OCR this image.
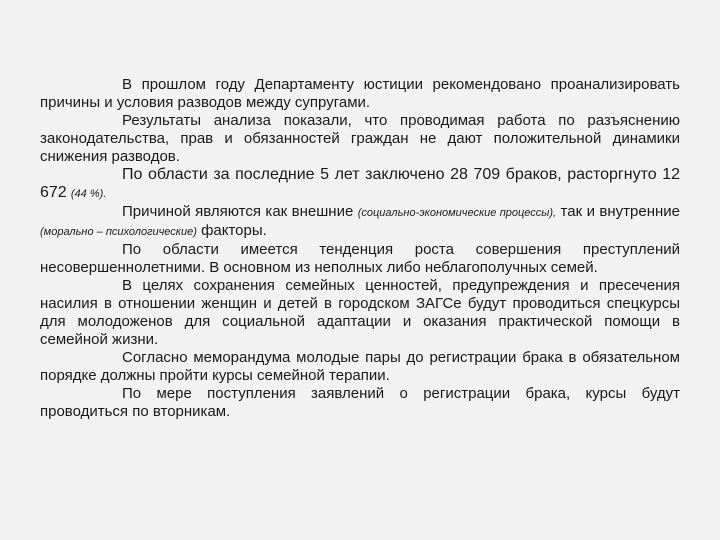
В прошлом году Департаменту юстиции рекомендовано проанализировать причины и условия разводов между супругами.

Результаты анализа показали, что проводимая работа по разъяснению законодательства, прав и обязанностей граждан не дают положительной динамики снижения разводов.

По области за последние 5 лет заключено 28 709 браков, расторгнуто 12 672 (44 %).

Причиной являются как внешние (социально-экономические процессы), так и внутренние (морально – психологические) факторы.

По области имеется тенденция роста совершения преступлений несовершеннолетними. В основном из неполных либо неблагополучных семей.

В целях сохранения семейных ценностей, предупреждения и пресечения насилия в отношении женщин и детей в городском ЗАГСе будут проводиться спецкурсы для молодоженов для социальной адаптации и оказания практической помощи в семейной жизни.

Согласно меморандума молодые пары до регистрации брака в обязательном порядке должны пройти курсы семейной терапии.

По мере поступления заявлений о регистрации брака, курсы будут проводиться по вторникам.
